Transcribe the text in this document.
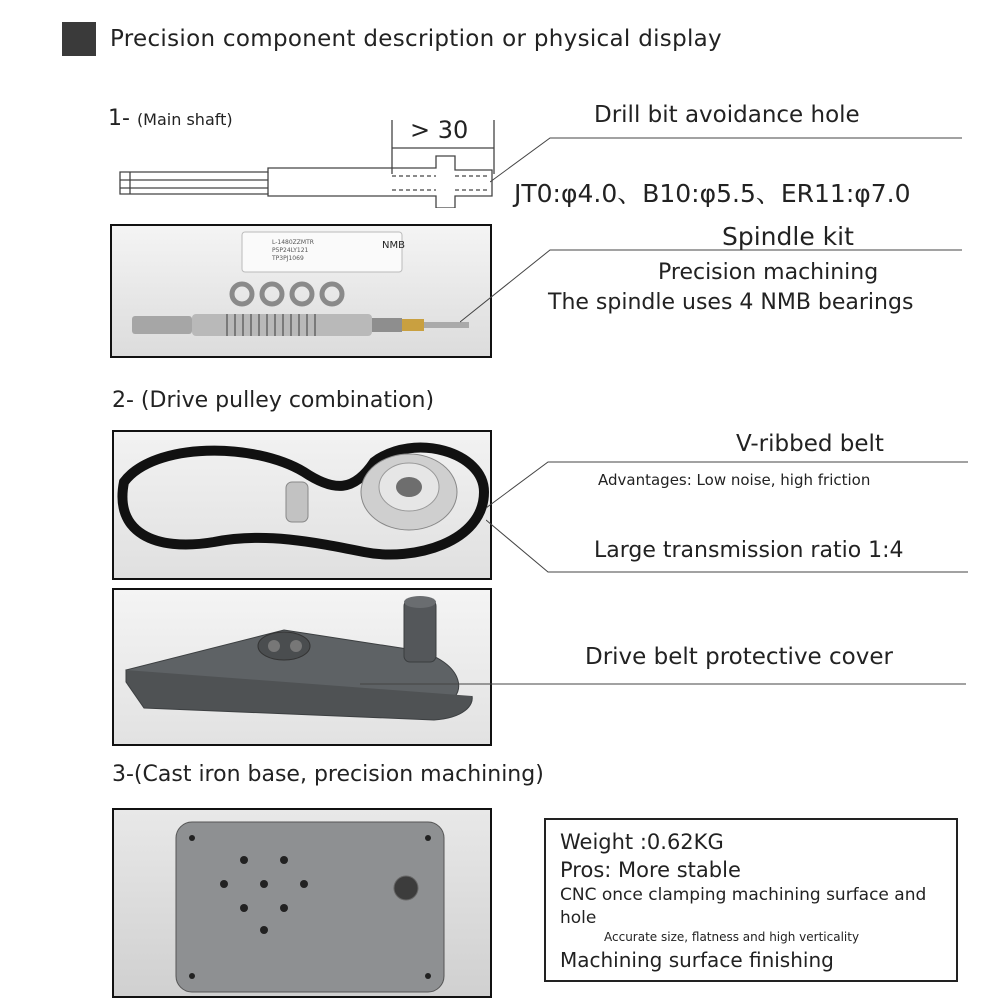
Precision component description or physical display
1- (Main shaft)	> 30
Drill bit avoidance hole
JT0:φ4.0、B10:φ5.5、ER11:φ7.0
L-1480ZZMTR
P5P24LY121
TP3PJ1069
NMB	Spindle kit
Precision machining
The spindle uses 4 NMB bearings
2- (Drive pulley combination)
V-ribbed belt
Advantages: Low noise, high friction
Large transmission ratio 1:4
Drive belt protective cover
3-(Cast iron base, precision machining)
Weight :0.62KG
Pros: More stable
CNC once clamping machining surface and hole
Accurate size, flatness and high verticality
Machining surface finishing
